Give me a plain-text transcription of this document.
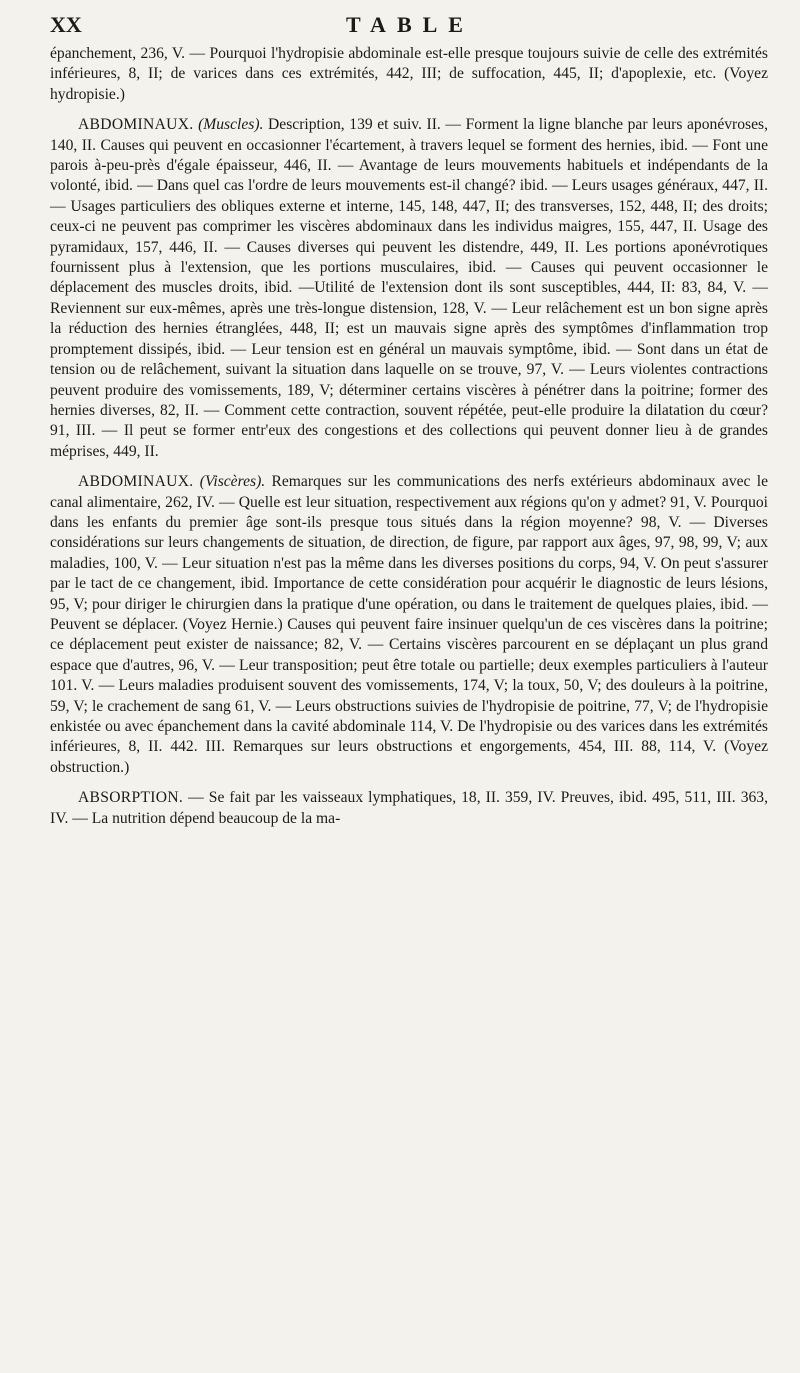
XX	TABLE

épanchement, 236, V. — Pourquoi l'hydropisie abdominale est-elle presque toujours suivie de celle des extrémités inférieures, 8, II; de varices dans ces extrémités, 442, III; de suffocation, 445, II; d'apoplexie, etc. (Voyez hydropisie.)

ABDOMINAUX. (Muscles). Description, 139 et suiv. II. — Forment la ligne blanche par leurs aponévroses, 140, II. Causes qui peuvent en occasionner l'écartement, à travers lequel se forment des hernies, ibid. — Font une parois à-peu-près d'égale épaisseur, 446, II. — Avantage de leurs mouvements habituels et indépendants de la volonté, ibid. — Dans quel cas l'ordre de leurs mouvements est-il changé? ibid. — Leurs usages généraux, 447, II. — Usages particuliers des obliques externe et interne, 145, 148, 447, II; des transverses, 152, 448, II; des droits; ceux-ci ne peuvent pas comprimer les viscères abdominaux dans les individus maigres, 155, 447, II. Usage des pyramidaux, 157, 446, II. — Causes diverses qui peuvent les distendre, 449, II. Les portions aponévrotiques fournissent plus à l'extension, que les portions musculaires, ibid. — Causes qui peuvent occasionner le déplacement des muscles droits, ibid. —Utilité de l'extension dont ils sont susceptibles, 444, II: 83, 84, V. — Reviennent sur eux-mêmes, après une très-longue distension, 128, V. — Leur relâchement est un bon signe après la réduction des hernies étranglées, 448, II; est un mauvais signe après des symptômes d'inflammation trop promptement dissipés, ibid. — Leur tension est en général un mauvais symptôme, ibid. — Sont dans un état de tension ou de relâchement, suivant la situation dans laquelle on se trouve, 97, V. — Leurs violentes contractions peuvent produire des vomissements, 189, V; déterminer certains viscères à pénétrer dans la poitrine; former des hernies diverses, 82, II. — Comment cette contraction, souvent répétée, peut-elle produire la dilatation du cœur? 91, III. — Il peut se former entr'eux des congestions et des collections qui peuvent donner lieu à de grandes méprises, 449, II.

ABDOMINAUX. (Viscères). Remarques sur les communications des nerfs extérieurs abdominaux avec le canal alimentaire, 262, IV. — Quelle est leur situation, respectivement aux régions qu'on y admet? 91, V. Pourquoi dans les enfants du premier âge sont-ils presque tous situés dans la région moyenne? 98, V. — Diverses considérations sur leurs changements de situation, de direction, de figure, par rapport aux âges, 97, 98, 99, V; aux maladies, 100, V. — Leur situation n'est pas la même dans les diverses positions du corps, 94, V. On peut s'assurer par le tact de ce changement, ibid. Importance de cette considération pour acquérir le diagnostic de leurs lésions, 95, V; pour diriger le chirurgien dans la pratique d'une opération, ou dans le traitement de quelques plaies, ibid. — Peuvent se déplacer. (Voyez Hernie.) Causes qui peuvent faire insinuer quelqu'un de ces viscères dans la poitrine; ce déplacement peut exister de naissance; 82, V. — Certains viscères parcourent en se déplaçant un plus grand espace que d'autres, 96, V. — Leur transposition; peut être totale ou partielle; deux exemples particuliers à l'auteur 101. V. — Leurs maladies produisent souvent des vomissements, 174, V; la toux, 50, V; des douleurs à la poitrine, 59, V; le crachement de sang 61, V. — Leurs obstructions suivies de l'hydropisie de poitrine, 77, V; de l'hydropisie enkistée ou avec épanchement dans la cavité abdominale 114, V. De l'hydropisie ou des varices dans les extrémités inférieures, 8, II. 442. III. Remarques sur leurs obstructions et engorgements, 454, III. 88, 114, V. (Voyez obstruction.)

ABSORPTION. — Se fait par les vaisseaux lymphatiques, 18, II. 359, IV. Preuves, ibid. 495, 511, III. 363, IV. — La nutrition dépend beaucoup de la ma-
